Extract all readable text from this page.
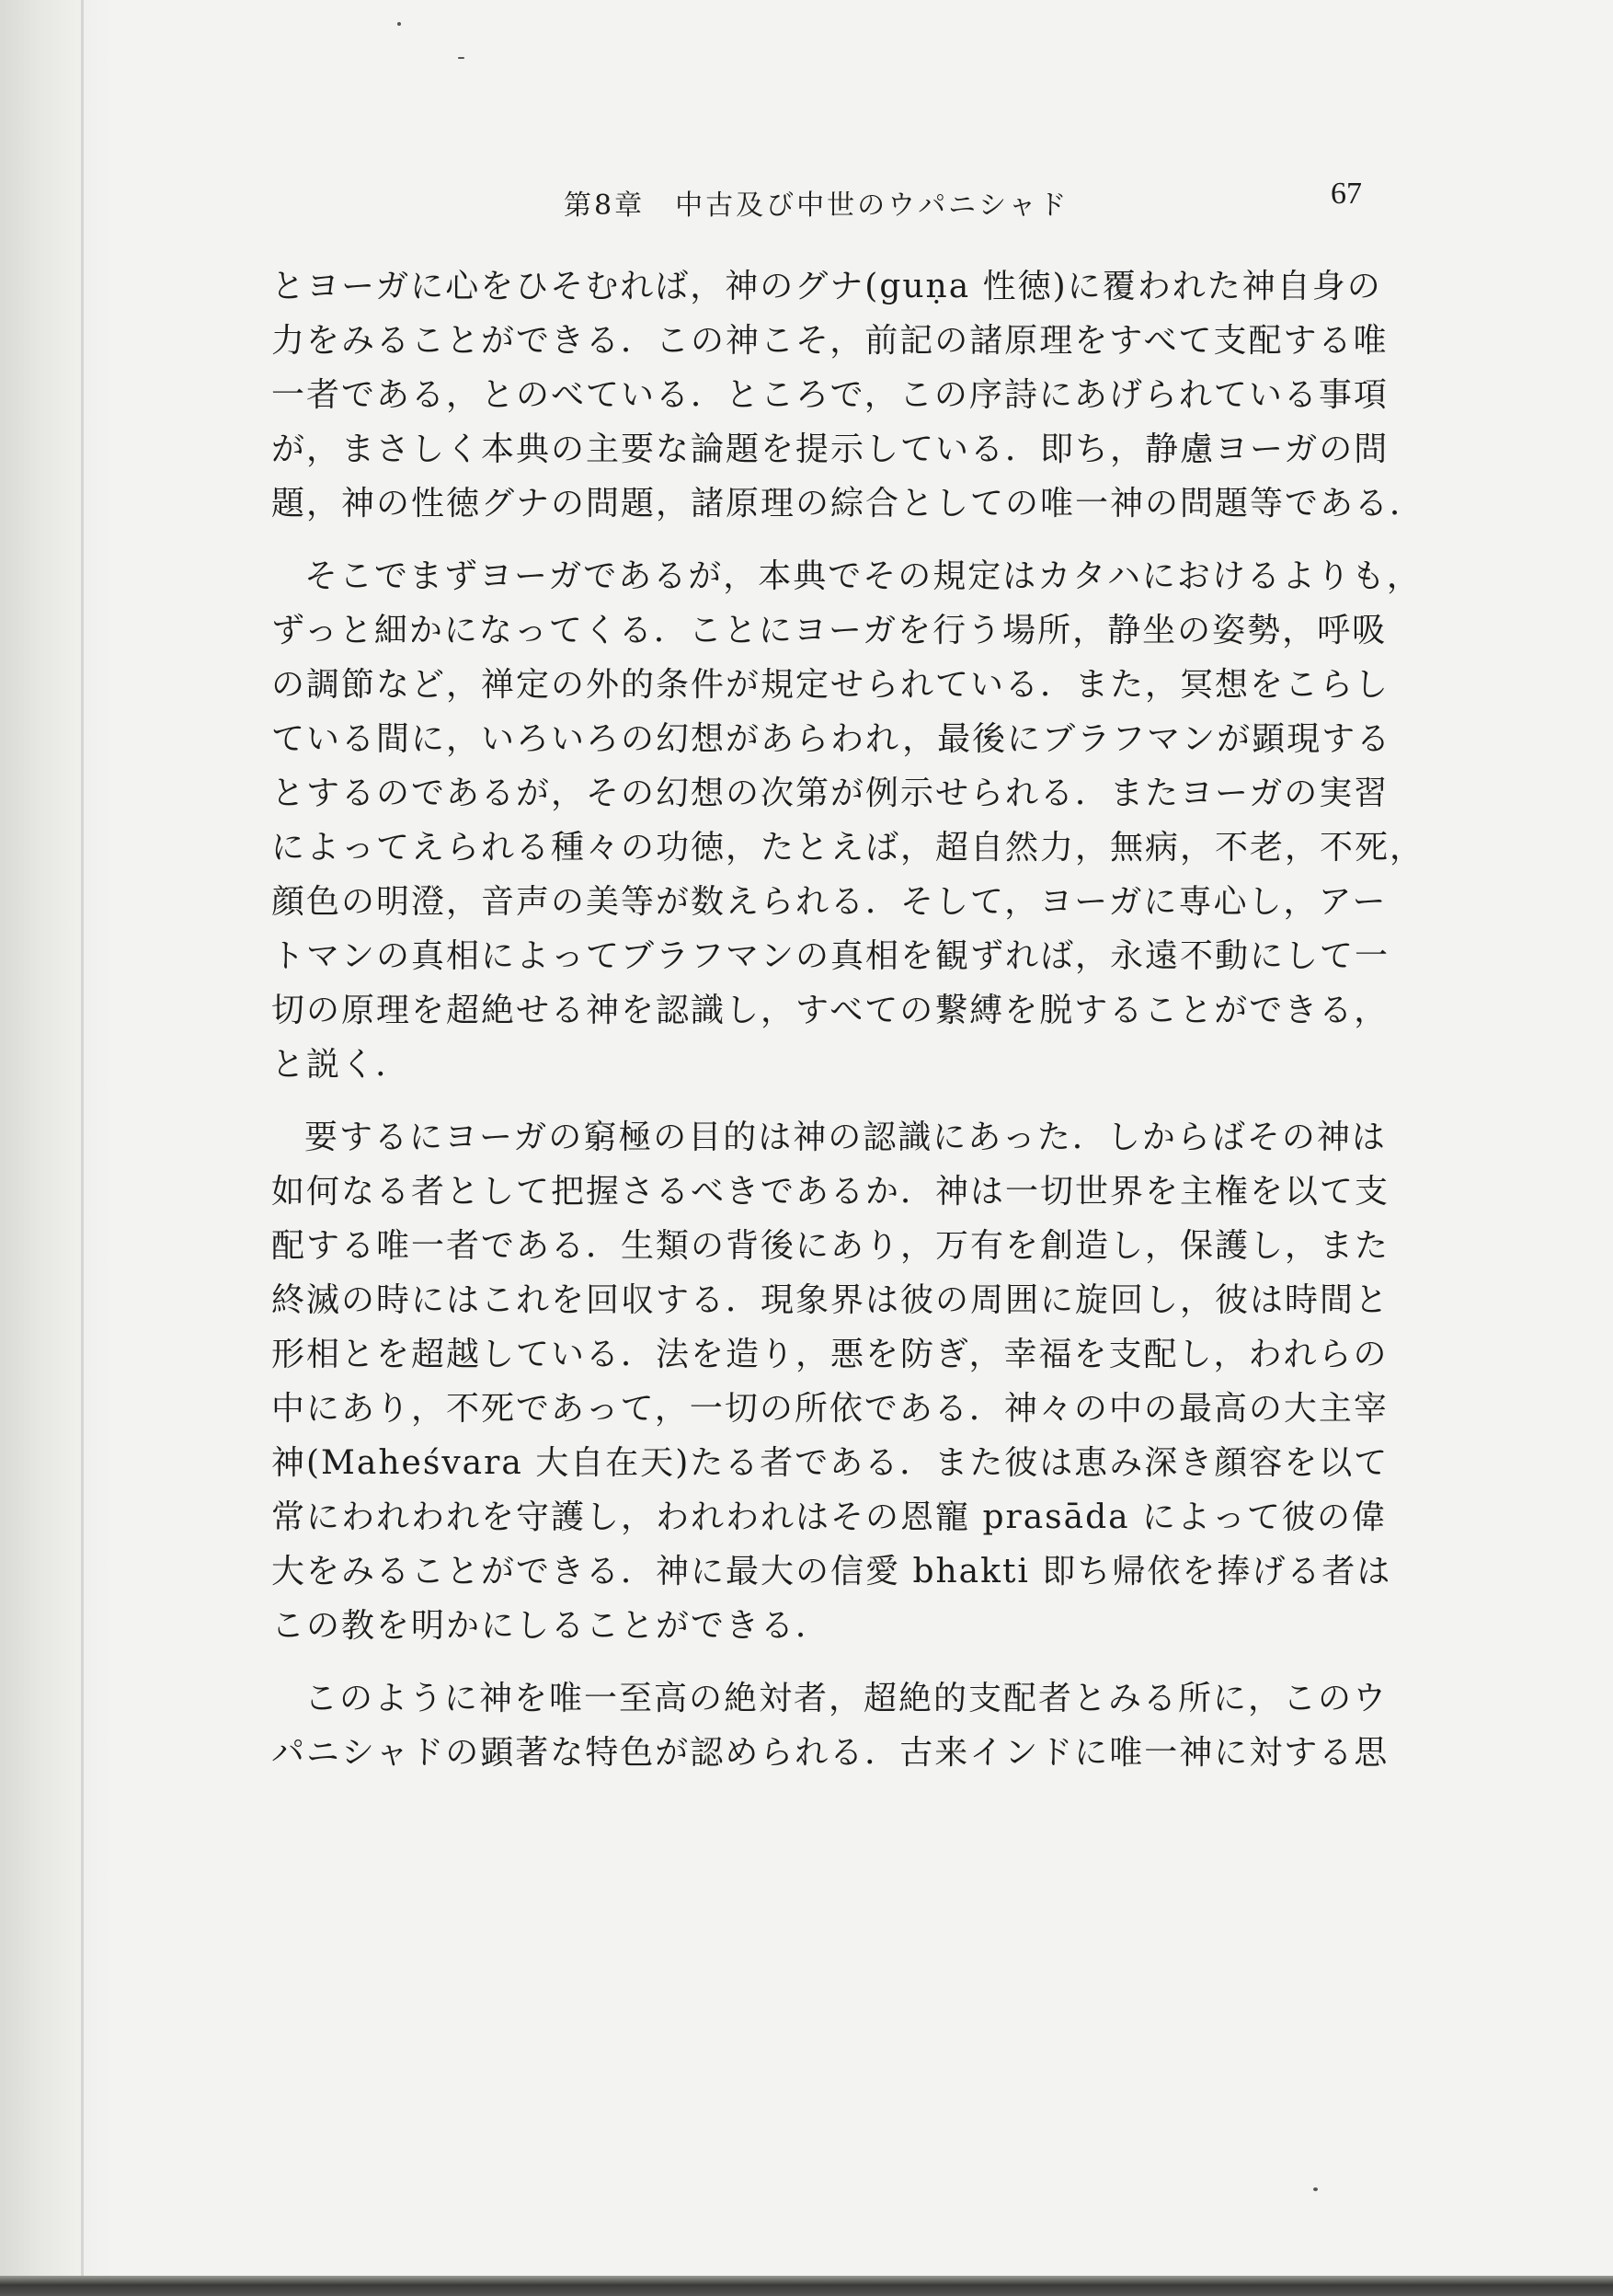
第8章　中古及び中世のウパニシャド	67
とヨーガに心をひそむれば，神のグナ(guṇa 性徳)に覆われた神自身の
力をみることができる．この神こそ，前記の諸原理をすべて支配する唯
一者である，とのべている．ところで，この序詩にあげられている事項
が，まさしく本典の主要な論題を提示している．即ち，静慮ヨーガの問
題，神の性徳グナの問題，諸原理の綜合としての唯一神の問題等である．
そこでまずヨーガであるが，本典でその規定はカタハにおけるよりも，
ずっと細かになってくる．ことにヨーガを行う場所，静坐の姿勢，呼吸
の調節など，禅定の外的条件が規定せられている．また，冥想をこらし
ている間に，いろいろの幻想があらわれ，最後にブラフマンが顕現する
とするのであるが，その幻想の次第が例示せられる．またヨーガの実習
によってえられる種々の功徳，たとえば，超自然力，無病，不老，不死，
顔色の明澄，音声の美等が数えられる．そして，ヨーガに専心し，アー
トマンの真相によってブラフマンの真相を観ずれば，永遠不動にして一
切の原理を超絶せる神を認識し，すべての繋縛を脱することができる，
と説く．
要するにヨーガの窮極の目的は神の認識にあった．しからばその神は
如何なる者として把握さるべきであるか．神は一切世界を主権を以て支
配する唯一者である．生類の背後にあり，万有を創造し，保護し，また
終滅の時にはこれを回収する．現象界は彼の周囲に旋回し，彼は時間と
形相とを超越している．法を造り，悪を防ぎ，幸福を支配し，われらの
中にあり，不死であって，一切の所依である．神々の中の最高の大主宰
神(Maheśvara 大自在天)たる者である．また彼は恵み深き顔容を以て
常にわれわれを守護し，われわれはその恩寵 prasāda によって彼の偉
大をみることができる．神に最大の信愛 bhakti 即ち帰依を捧げる者は
この教を明かにしることができる．
このように神を唯一至高の絶対者，超絶的支配者とみる所に，このウ
パニシャドの顕著な特色が認められる．古来インドに唯一神に対する思
